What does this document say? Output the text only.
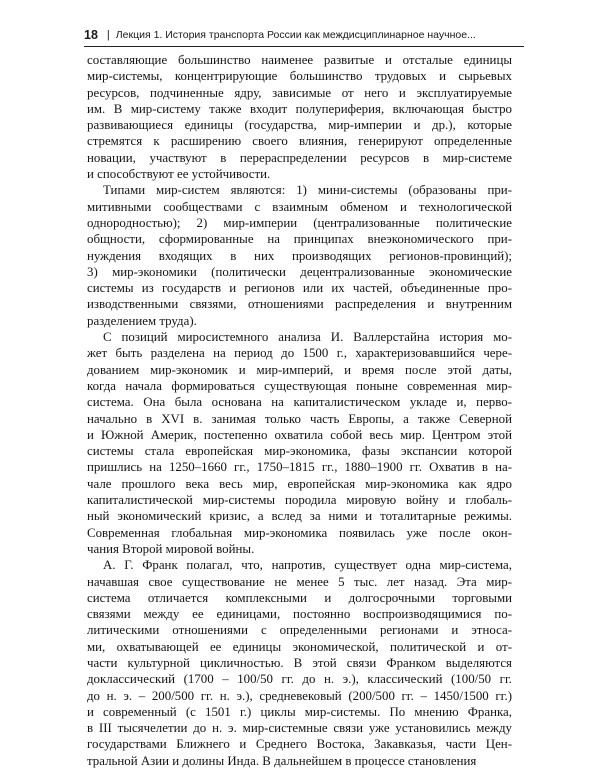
18 | Лекция 1. История транспорта России как междисциплинарное научное...

составляющие большинство наименее развитые и отсталые единицы
мир-системы, концентрирующие большинство трудовых и сырьевых
ресурсов, подчиненные ядру, зависимые от него и эксплуатируемые
им. В мир-систему также входит полупериферия, включающая быстро
развивающиеся единицы (государства, мир-империи и др.), которые
стремятся к расширению своего влияния, генерируют определенные
новации, участвуют в перераспределении ресурсов в мир-системе
и способствуют ее устойчивости.

Типами мир-систем являются: 1) мини-системы (образованы при-
митивными сообществами с взаимным обменом и технологической
однородностью); 2) мир-империи (централизованные политические
общности, сформированные на принципах внеэкономического при-
нуждения входящих в них производящих регионов-провинций);
3) мир-экономики (политически децентрализованные экономические
системы из государств и регионов или их частей, объединенные про-
изводственными связями, отношениями распределения и внутренним
разделением труда).

С позиций миросистемного анализа И. Валлерстайна история мо-
жет быть разделена на период до 1500 г., характеризовавшийся чере-
дованием мир-экономик и мир-империй, и время после этой даты,
когда начала формироваться существующая поныне современная мир-
система. Она была основана на капиталистическом укладе и, перво-
начально в XVI в. занимая только часть Европы, а также Северной
и Южной Америк, постепенно охватила собой весь мир. Центром этой
системы стала европейская мир-экономика, фазы экспансии которой
пришлись на 1250–1660 гг., 1750–1815 гг., 1880–1900 гг. Охватив в на-
чале прошлого века весь мир, европейская мир-экономика как ядро
капиталистической мир-системы породила мировую войну и глобаль-
ный экономический кризис, а вслед за ними и тоталитарные режимы.
Современная глобальная мир-экономика появилась уже после окон-
чания Второй мировой войны.

А. Г. Франк полагал, что, напротив, существует одна мир-система,
начавшая свое существование не менее 5 тыс. лет назад. Эта мир-
система отличается комплексными и долгосрочными торговыми
связями между ее единицами, постоянно воспроизводящимися по-
литическими отношениями с определенными регионами и этноса-
ми, охватывающей ее единицы экономической, политической и от-
части культурной цикличностью. В этой связи Франком выделяются
доклассический (1700 – 100/50 гг. до н. э.), классический (100/50 гг.
до н. э. – 200/500 гг. н. э.), средневековый (200/500 гг. – 1450/1500 гг.)
и современный (с 1501 г.) циклы мир-системы. По мнению Франка,
в III тысячелетии до н. э. мир-системные связи уже установились между
государствами Ближнего и Среднего Востока, Закавказья, части Цен-
тральной Азии и долины Инда. В дальнейшем в процессе становления
